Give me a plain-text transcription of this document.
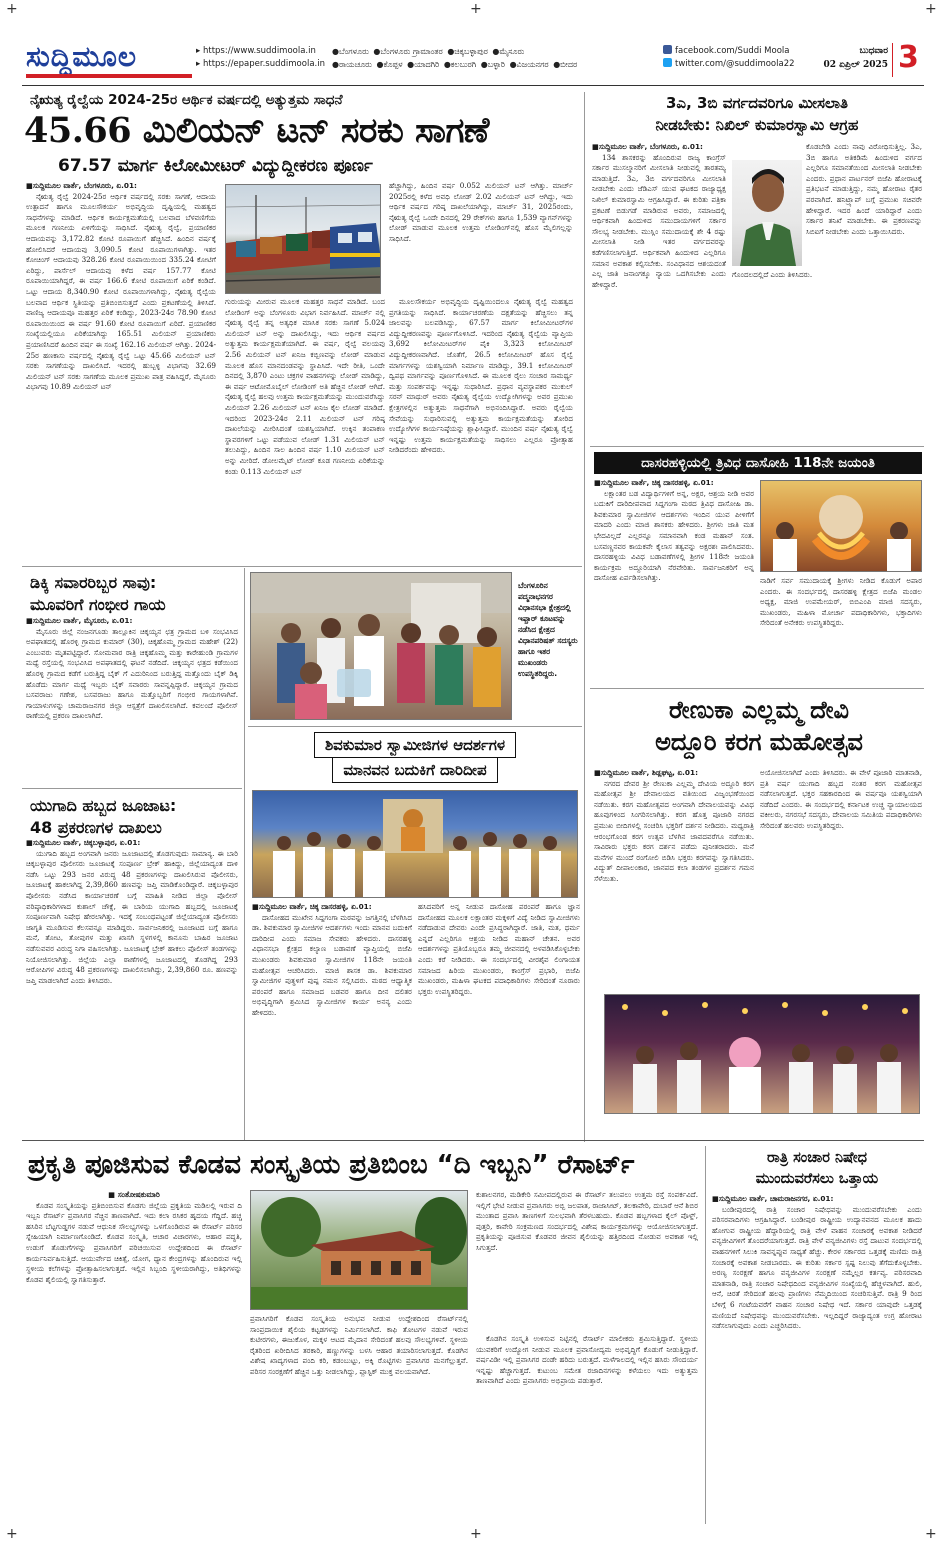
+	+	+
+	+	+
ಸುದ್ದಿಮೂಲ	▸ https://www.suddimoola.in
▸ https://epaper.suddimoola.in
●ಬೆಂಗಳೂರು ●ಬೆಂಗಳೂರು ಗ್ರಾಮಾಂತರ ●ಚಿಕ್ಕಬಳ್ಳಾಪುರ ●ಮೈಸೂರು
●ರಾಯಚೂರು ●ಕೊಪ್ಪಳ ●ಯಾದಗಿರಿ ●ಕಲಬುರಗಿ ●ಬಳ್ಳಾರಿ ●ವಿಜಯನಗರ ●ಬೀದರ
facebook.com/Suddi Moola
twitter.com/@suddimoola22
ಬುಧವಾರ
02 ಏಪ್ರಿಲ್ 2025 3
ನೈಋತ್ಯ ರೈಲ್ವೆಯ 2024-25ರ ಆರ್ಥಿಕ ವರ್ಷದಲ್ಲಿ ಅತ್ಯುತ್ತಮ ಸಾಧನೆ
45.66 ಮಿಲಿಯನ್ ಟನ್ ಸರಕು ಸಾಗಣೆ
67.57 ಮಾರ್ಗ ಕಿಲೋಮೀಟರ್ ವಿದ್ಯುದ್ದೀಕರಣ ಪೂರ್ಣ
■ಸುದ್ದಿಮೂಲ ವಾರ್ತೆ, ಬೆಂಗಳೂರು, ಏ.01:

ನೈಋತ್ಯ ರೈಲ್ವೆ 2024-25ರ ಆರ್ಥಿಕ ವರ್ಷದಲ್ಲಿ ಸರಕು ಸಾಗಣೆ, ಆದಾಯ ಉತ್ಪಾದನೆ ಹಾಗೂ ಮೂಲಸೌಕರ್ಯ ಅಭಿವೃದ್ಧಿಯ ದೃಷ್ಟಿಯಲ್ಲಿ ಮಹತ್ವದ ಸಾಧನೆಗಳನ್ನು ಮಾಡಿದೆ. ಆರ್ಥಿಕ ಕಾರ್ಯಕ್ಷಮತೆಯಲ್ಲಿ ಬಲವಾದ ಬೆಳವಣಿಗೆಯ ಮೂಲಕ ಗಣನೀಯ ಏಳಿಗೆಯನ್ನು ಸಾಧಿಸಿದೆ. ನೈಋತ್ಯ ರೈಲ್ವೆ, ಪ್ರಯಾಣಿಕರ ಆದಾಯವನ್ನು 3,172.82 ಕೋಟಿ ರೂಪಾಯಿಗೆ ಹೆಚ್ಚಿಸಿದೆ. ಹಿಂದಿನ ವರ್ಷಕ್ಕೆ ಹೋಲಿಸಿದರೆ ಆದಾಯವು 3,090.5 ಕೋಟಿ ರೂಪಾಯಿಗಳಾಗಿತ್ತು. ಇತರ ಕೋಚಿಂಗ್ ಆದಾಯವು 328.26 ಕೋಟಿ ರೂಪಾಯಿಯಿಂದ 335.24 ಕೋಟಿಗೆ ಏರಿದ್ದು, ಪಾರ್ಸೆಲ್ ಆದಾಯವು ಕಳೆದ ವರ್ಷ 157.77 ಕೋಟಿ ರೂಪಾಯಿಯಾಗಿದ್ದರೆ, ಈ ವರ್ಷ 166.6 ಕೋಟಿ ರೂಪಾಯಿಗೆ ಏರಿಕೆ ಕಂಡಿದೆ. ಒಟ್ಟು ಆದಾಯ 8,340.90 ಕೋಟಿ ರೂಪಾಯಿಗಳಾಗಿದ್ದು, ನೈಋತ್ಯ ರೈಲ್ವೆಯ ಬಲವಾದ ಆರ್ಥಿಕ ಸ್ಥಿತಿಯನ್ನು ಪ್ರತಿಬಿಂಬಿಸುತ್ತದೆ ಎಂದು ಪ್ರಕಟಣೆಯಲ್ಲಿ ತಿಳಿಸಿದೆ. ವಾಣಿಜ್ಯ ಆದಾಯವೂ ಮಹತ್ತರ ಏರಿಕೆ ಕಂಡಿದ್ದು, 2023-24ರ 78.90 ಕೋಟಿ ರೂಪಾಯಿಯಿಂದ ಈ ವರ್ಷ 91.60 ಕೋಟಿ ರೂಪಾಯಿಗೆ ಏರಿದೆ. ಪ್ರಯಾಣಿಕರ ಸಂಖ್ಯೆಯಲ್ಲಿಯೂ ಏರಿಕೆಯಾಗಿದ್ದು 165.51 ಮಿಲಿಯನ್ ಪ್ರಯಾಣಿಕರು ಪ್ರಯಾಣಿಸಿದರೆ ಹಿಂದಿನ ವರ್ಷ ಈ ಸಂಖ್ಯೆ 162.16 ಮಿಲಿಯನ್ ಆಗಿತ್ತು. 2024-25ರ ಹಣಕಾಸು ವರ್ಷದಲ್ಲಿ ನೈಋತ್ಯ ರೈಲ್ವೆ ಒಟ್ಟು 45.66 ಮಿಲಿಯನ್ ಟನ್ ಸರಕು ಸಾಗಣೆಯನ್ನು ದಾಖಲಿಸಿದೆ. ಇದರಲ್ಲಿ ಹುಬ್ಬಳ್ಳಿ ವಿಭಾಗವು 32.69 ಮಿಲಿಯನ್ ಟನ್ ಸರಕು ಸಾಗಣೆಯ ಮೂಲಕ ಪ್ರಮುಖ ಪಾತ್ರ ವಹಿಸಿದ್ದರೆ, ಮೈಸೂರು ವಿಭಾಗವು 10.89 ಮಿಲಿಯನ್ ಟನ್

ಹೆಚ್ಚಾಗಿದ್ದು, ಹಿಂದಿನ ವರ್ಷ 0.052 ಮಿಲಿಯನ್ ಟನ್ ಆಗಿತ್ತು. ಮಾರ್ಚ್ 2025ರಲ್ಲಿ ಕಳೆದ ಅವಧಿ ಲೋಡ್ 2.02 ಮಿಲಿಯನ್ ಟನ್ ಆಗಿದ್ದು, ಇದು ಆರ್ಥಿಕ ವರ್ಷದ ಗರಿಷ್ಠ ದಾಖಲೆಯಾಗಿದ್ದು, ಮಾರ್ಚ್ 31, 2025ರಂದು, ನೈಋತ್ಯ ರೈಲ್ವೆ ಒಂದೇ ದಿನದಲ್ಲಿ 29 ರೇಕ್‌ಗಳು ಹಾಗೂ 1,539 ವ್ಯಾಗನ್‌ಗಳನ್ನು ಲೋಡ್ ಮಾಡುವ ಮೂಲಕ ಉತ್ತಮ ಲೋಡಿಂಗ್‌ನಲ್ಲಿ ಹೊಸ ಮೈಲಿಗಲ್ಲನ್ನು ಸಾಧಿಸಿದೆ.

ಗುರುಯನ್ನು ಮೀರುವ ಮೂಲಕ ಮಹತ್ತರ ಸಾಧನೆ ಮಾಡಿದೆ. ಬಂದ ಲೋಡಿಂಗ್ ಅನ್ನು ಬೆಂಗಳೂರು ವಿಭಾಗ ನಿರ್ವಹಿಸಿದೆ. ಮಾರ್ಚ್ ನಲ್ಲಿ ನೈಋತ್ಯ ರೈಲ್ವೆ ತನ್ನ ಅತ್ಯಧಿಕ ಮಾಸಿಕ ಸರಕು ಸಾಗಣೆ 5.024 ಮಿಲಿಯನ್ ಟನ್ ಅನ್ನು ದಾಖಲಿಸಿದ್ದು, ಇದು ಆರ್ಥಿಕ ವರ್ಷದ ಅತ್ಯುತ್ತಮ ಕಾರ್ಯಕ್ಷಮತೆಯಾಗಿದೆ. ಈ ವರ್ಷ, ರೈಲ್ವೆ ವಲಯವು 2.56 ಮಿಲಿಯನ್ ಟನ್ ಖನಿಜ ಕಬ್ಬಿಣವನ್ನು ಲೋಡ್ ಮಾಡುವ ಮೂಲಕ ಹೊಸ ಮಾನದಂಡವನ್ನು ಸ್ಥಾಪಿಸಿದೆ. ಇದೇ ರೀತಿ, ಒಂದೇ ದಿನದಲ್ಲಿ 3,870 ಎಂಟು ಚಕ್ರಗಳ ವಾಹನಗಳನ್ನು ಲೋಡ್ ಮಾಡಿದ್ದು, ಈ ವರ್ಷ ಆಟೋಮೊಬೈಲ್ ಲೋಡಿಂಗ್ ಅತಿ ಹೆಚ್ಚಿನ ಲೋಡ್ ಆಗಿದೆ. ನೈಋತ್ಯ ರೈಲ್ವೆ ಹಲವು ಉತ್ತಮ ಕಾರ್ಯಕ್ಷಮತೆಯನ್ನು ಮುಂದುವರೆಸಿದ್ದು ಮಿಲಿಯನ್ 2.26 ಮಿಲಿಯನ್ ಟನ್ ಖನಿಜ ಕೈಲ ಲೋಡ್ ಮಾಡಿದೆ. ಇದರಿಂದ 2023-24ರ 2.11 ಮಿಲಿಯನ್ ಟನ್ ಗರಿಷ್ಠ ದಾಖಲೆಯನ್ನು ಮೀರಿಸಿದಂತೆ ಯಶಸ್ವಿಯಾಗಿದೆ. ಉಕ್ಕಿನ ತಂಪಾಕಣ ಸ್ಥಾವರಗಳಿಗೆ ಒಟ್ಟು ಪಡೆಯುವ ಲೋಡ್ 1.31 ಮಿಲಿಯನ್ ಟನ್ ತಲುಪಿದ್ದು, ಹಿಂದಿನ ಸಾಲ ಹಿಂದಿನ ವರ್ಷ 1.10 ಮಿಲಿಯನ್ ಟನ್ ಅನ್ನು ಮೀರಿದೆ. ಡೋಲಮೈಟ್ ಲೋಡ್ ಕೂಡ ಗಣನೀಯ ಏರಿಕೆಯನ್ನು ಕಂಡು 0.113 ಮಿಲಿಯನ್ ಟನ್

ಮೂಲಸೌಕರ್ಯ ಅಭಿವೃದ್ಧಿಯ ದೃಷ್ಟಿಯಿಂದಲೂ ನೈಋತ್ಯ ರೈಲ್ವೆ ಮಹತ್ವದ ಪ್ರಗತಿಯನ್ನು ಸಾಧಿಸಿದೆ. ಕಾರ್ಯಾಚರಣೆಯ ದಕ್ಷತೆಯನ್ನು ಹೆಚ್ಚಿಸಲು ತನ್ನ ಜಾಲವನ್ನು ಬಲಪಡಿಸಿದ್ದು, 67.57 ಮಾರ್ಗ ಕಿಲೋಮೀಟರ್‌ಗಳ ವಿದ್ಯುದ್ದೀಕರಣವನ್ನು ಪೂರ್ಣಗೊಳಿಸಿದೆ. ಇದರಿಂದ ನೈಋತ್ಯ ರೈಲ್ವೆಯ ವ್ಯಾಪ್ತಿಯ 3,692 ಕಿಲೋಮೀಟರ್‌ಗಳ ಪೈಕಿ 3,323 ಕಿಲೋಮೀಟರ್ ವಿದ್ಯುದ್ದೀಕರಣವಾಗಿದೆ. ಜೊತೆಗೆ, 26.5 ಕಿಲೋಮೀಟರ್ ಹೊಸ ರೈಲ್ವೆ ಮಾರ್ಗಗಳನ್ನು ಯಶಸ್ವಿಯಾಗಿ ನಿರ್ಮಾಣ ಮಾಡಿದ್ದು, 39.1 ಕಿಲೋಮೀಟರ್ ದ್ವಿಪಥ ಮಾರ್ಗವನ್ನು ಪೂರ್ಣಗೊಳಿಸಿದೆ. ಈ ಮೂಲಕ ರೈಲು ಸಂಚಾರ ಸಾಮರ್ಥ್ಯ ಮತ್ತು ಸಂಪರ್ಕವನ್ನು ಇನ್ನಷ್ಟು ಸುಧಾರಿಸಿದೆ. ಪ್ರಧಾನ ವ್ಯವಸ್ಥಾಪಕರ ಮುಕುಲ್ ಸರನ್ ಮಾಥುರ್ ಅವರು ನೈಋತ್ಯ ರೈಲ್ವೆಯ ಉದ್ಯೋಗಿಗಳನ್ನು ಅವರ ಪ್ರಮುಖ ಕ್ಷೇತ್ರಗಳಲ್ಲಿನ ಅತ್ಯುತ್ತಮ ಸಾಧನೆಗಾಗಿ ಅಭಿನಂದಿಸಿದ್ದಾರೆ. ಅವರು ರೈಲ್ವೆಯ ಸೇವೆಯನ್ನು ಸುಧಾರಿಸುವಲ್ಲಿ ಅತ್ಯುತ್ತಮ ಕಾರ್ಯಕ್ಷಮತೆಯನ್ನು ತೋರಿದ ಉದ್ಯೋಗಿಗಳ ಕಾರ್ಯನಿಷ್ಠೆಯನ್ನು ಶ್ಲಾಘಿಸಿದ್ದಾರೆ. ಮುಂದಿನ ವರ್ಷ ನೈಋತ್ಯ ರೈಲ್ವೆ ಇನ್ನಷ್ಟು ಉತ್ತಮ ಕಾರ್ಯಕ್ಷಮತೆಯನ್ನು ಸಾಧಿಸಲು ಎಲ್ಲರೂ ಪ್ರೋತ್ಸಾಹ ನೀಡಿದರೆಂದು ಹೇಳಿದರು.

ಡಿಕ್ಕಿ ಸವಾರರಿಬ್ಬರ ಸಾವು:
ಮೂವರಿಗೆ ಗಂಭೀರ ಗಾಯ
■ಸುದ್ದಿಮೂಲ ವಾರ್ತೆ, ಮೈಸೂರು, ಏ.01:

ಮೈಸೂರು ಜಿಲ್ಲೆ ನಂಜನಗೂಡು ತಾಲ್ಲೂಕಿನ ಚಿಕ್ಕಯ್ಯನ ಛತ್ರ ಗ್ರಾಮದ ಬಳಿ ಸಂಭವಿಸಿದ ಅಪಘಾತದಲ್ಲಿ ಹೊರಳ್ಳಿ ಗ್ರಾಮದ ಕುಮಾರ್ (30), ಚಿಕ್ಕಹೊಮ್ಮ ಗ್ರಾಮದ ಮಹೇಶ್ (22) ಎಂಬುವರು ಮೃತಪಟ್ಟಿದ್ದಾರೆ. ಸೋಮವಾರ ರಾತ್ರಿ ಚಿಕ್ಕಹೊಮ್ಮ ಮತ್ತು ಕಾರೇಹುಂಡಿ ಗ್ರಾಮಗಳ ಮಧ್ಯೆ ರಸ್ತೆಯಲ್ಲಿ ಸಂಭವಿಸಿದ ಅಪಘಾತದಲ್ಲಿ ಘಟನೆ ನಡೆದಿದೆ. ಚಿಕ್ಕಯ್ಯನ ಛತ್ರದ ಕಡೆಯಿಂದ ಹೊರಳ್ಳಿ ಗ್ರಾಮದ ಕಡೆಗೆ ಬರುತ್ತಿದ್ದ ಬೈಕ್ ಗೆ ಎದುರಿನಿಂದ ಬರುತ್ತಿದ್ದ ಮತ್ತೊಂದು ಬೈಕ್ ಡಿಕ್ಕಿ ಹೊಡೆದು ಮಾರ್ಗ ಮಧ್ಯೆ ಇಬ್ಬರು ಬೈಕ್ ಸವಾರರು ಸಾವನ್ನಪ್ಪಿದ್ದಾರೆ. ಚಿಕ್ಕಯ್ಯನ ಗ್ರಾಮದ ಬಸವರಾಜು ಗಣೇಶ, ಬಸವರಾಜು ಹಾಗೂ ಮತ್ತೊಬ್ಬರಿಗೆ ಗಂಭೀರ ಗಾಯಗಳಾಗಿವೆ. ಗಾಯಾಳುಗಳನ್ನು ಚಾಮರಾಜನಗರ ಜಿಲ್ಲಾ ಆಸ್ಪತ್ರೆಗೆ ದಾಖಲಿಸಲಾಗಿದೆ. ಕವಲಂದೆ ಪೊಲೀಸ್ ಠಾಣೆಯಲ್ಲಿ ಪ್ರಕರಣ ದಾಖಲಾಗಿದೆ.

ಯುಗಾದಿ ಹಬ್ಬದ ಜೂಜಾಟ:
48 ಪ್ರಕರಣಗಳ ದಾಖಲು
■ಸುದ್ದಿಮೂಲ ವಾರ್ತೆ, ಚಿಕ್ಕಬಳ್ಳಾಪುರ, ಏ.01:

ಯುಗಾದಿ ಹಬ್ಬದ ಅಂಗವಾಗಿ ಜನರು ಜೂಜಾಟದಲ್ಲಿ ತೊಡಗುವುದು ಸಾಮಾನ್ಯ. ಈ ಬಾರಿ ಚಿಕ್ಕಬಳ್ಳಾಪುರ ಪೊಲೀಸರು ಜೂಜಾಟಕ್ಕೆ ಸಂಪೂರ್ಣ ಬ್ರೇಕ್ ಹಾಕಿದ್ದು, ಜಿಲ್ಲೆಯಾದ್ಯಂತ ದಾಳಿ ನಡೆಸಿ ಒಟ್ಟು 293 ಜನರ ವಿರುದ್ಧ 48 ಪ್ರಕರಣಗಳನ್ನು ದಾಖಲಿಸಿರುವ ಪೊಲೀಸರು, ಜೂಜಾಟಕ್ಕೆ ಹಾಕಲಾಗಿದ್ದ 2,39,860 ಹಣವನ್ನು ಜಪ್ತಿ ಮಾಡಿಕೊಂಡಿದ್ದಾರೆ. ಚಿಕ್ಕಬಳ್ಳಾಪುರ ಪೊಲೀಸರು ನಡೆಸಿದ ಕಾರ್ಯಾಚರಣೆ ಬಗ್ಗೆ ಮಾಹಿತಿ ನೀಡಿದ ಜಿಲ್ಲಾ ಪೊಲೀಸ್ ವರಿಷ್ಠಾಧಿಕಾರಿಗಳಾದ ಕುಶಾಲ್ ಚೌಕ್ಸೆ, ಈ ಬಾರಿಯ ಯುಗಾದಿ ಹಬ್ಬದಲ್ಲಿ ಜೂಜಾಟಕ್ಕೆ ಸಂಪೂರ್ಣವಾಗಿ ನಿಷೇಧ ಹೇರಲಾಗಿತ್ತು. ಇದಕ್ಕೆ ಸಂಬಂಧಪಟ್ಟಂತೆ ಜಿಲ್ಲೆಯಾದ್ಯಂತ ಪೊಲೀಸರು ಜಾಗೃತಿ ಮೂಡಿಸುವ ಕೆಲಸವನ್ನೂ ಮಾಡಿದ್ದರು. ಸಾರ್ವಜನಿಕರಲ್ಲಿ ಜೂಜಾಟದ ಬಗ್ಗೆ ಹಾಗೂ ಮನೆ, ತೋಟ, ತೋಪುಗಳ ಮತ್ತು ಖಾಸಗಿ ಸ್ಥಳಗಳಲ್ಲಿ ಕಾನೂನು ಬಾಹಿರ ಜೂಜಾಟ ನಡೆಸುವವರ ವಿರುದ್ಧ ನಿಗಾ ವಹಿಸಲಾಗಿತ್ತು. ಜೂಜಾಟಕ್ಕೆ ಬ್ರೇಕ್ ಹಾಕಲು ಪೊಲೀಸ್ ತಂಡಗಳನ್ನು ನಿಯೋಜಿಸಲಾಗಿತ್ತು. ಜಿಲ್ಲೆಯ ಎಲ್ಲಾ ಠಾಣೆಗಳಲ್ಲಿ ಜೂಜಾಟದಲ್ಲಿ ತೊಡಗಿದ್ದ 293 ಆರೋಪಿಗಳ ವಿರುದ್ಧ 48 ಪ್ರಕರಣಗಳನ್ನು ದಾಖಲಿಸಲಾಗಿದ್ದು, 2,39,860 ರೂ. ಹಣವನ್ನು ಜಪ್ತಿ ಮಾಡಲಾಗಿದೆ ಎಂದು ತಿಳಿಸಿದರು.

ಬೆಂಗಳೂರಿನ ಪದ್ಮನಾಭನಗರ ವಿಧಾನಸಭಾ ಕ್ಷೇತ್ರದಲ್ಲಿ ಇಫ್ತಾರ್ ಕೂಟವನ್ನು ನಡೆಸಿದ ಕ್ಷೇತ್ರದ ವಿಧಾನಪರಿಷತ್ ಸದಸ್ಯರು ಹಾಗೂ ಇತರ ಮುಖಂಡರು ಉಪಸ್ಥಿತರಿದ್ದರು.
ಶಿವಕುಮಾರ ಸ್ವಾಮೀಜಿಗಳ ಆದರ್ಶಗಳ ಮಾನವನ ಬದುಕಿಗೆ ದಾರಿದೀಪ
■ಸುದ್ದಿಮೂಲ ವಾರ್ತೆ, ಚಿಕ್ಕ ದಾಸರಹಳ್ಳಿ, ಏ.01:

ದಾಸೋಹದ ಮುಖೇನ ಸಿದ್ದಗಂಗಾ ಮಠವನ್ನು ಜಗತ್ತಿನಲ್ಲಿ ಬೆಳಗಿಸಿದ ಡಾ. ಶಿವಕುಮಾರ ಸ್ವಾಮೀಜಿಗಳ ಆದರ್ಶಗಳು ಇಂದು ಮಾನವ ಬದುಕಿಗೆ ದಾರಿದೀಪ ಎಂದು ಸಮಾಜ ಸೇವಕರು ಹೇಳಿದರು. ದಾಸರಹಳ್ಳಿ ವಿಧಾನಸಭಾ ಕ್ಷೇತ್ರದ ಕಲ್ಯಾಣ ಬಡಾವಣೆ ವ್ಯಾಪ್ತಿಯಲ್ಲಿ ಬಿಜೆಪಿ ಮುಖಂಡರು ಶಿವಕುಮಾರ ಸ್ವಾಮೀಜಿಗಳ 118ನೇ ಜಯಂತಿ ಮಹೋತ್ಸವ ಆಚರಿಸಿದರು. ಮಾಜಿ ಶಾಸಕ ಡಾ. ಶಿವಕುಮಾರ ಸ್ವಾಮೀಜಿಗಳ ಪುತ್ಥಳಿಗೆ ಪುಷ್ಪ ನಮನ ಸಲ್ಲಿಸಿದರು. ಮಠದ ಆಧ್ಯಾತ್ಮಿಕ ಪರಂಪರೆ ಹಾಗೂ ಸಮಾಜದ ಬಡವರ ಹಾಗೂ ದೀನ ದಲಿತರ ಅಭಿವೃದ್ಧಿಗಾಗಿ ಶ್ರಮಿಸಿದ ಸ್ವಾಮೀಜಿಗಳ ಕಾರ್ಯ ಅನನ್ಯ ಎಂದು ಹೇಳಿದರು.

ಹಸಿದವರಿಗೆ ಅನ್ನ ನೀಡುವ ದಾಸೋಹ ಪರಂಪರೆ ಹಾಗೂ ಜ್ಞಾನ ದಾಸೋಹದ ಮೂಲಕ ಲಕ್ಷಾಂತರ ಮಕ್ಕಳಿಗೆ ವಿದ್ಯೆ ನೀಡಿದ ಸ್ವಾಮೀಜಿಗಳು ನಡೆದಾಡುವ ದೇವರು ಎಂದೇ ಪ್ರಸಿದ್ಧರಾಗಿದ್ದಾರೆ. ಜಾತಿ, ಮತ, ಧರ್ಮ ಎನ್ನದೆ ಎಲ್ಲರಿಗೂ ಆಶ್ರಯ ನೀಡಿದ ಮಹಾನ್ ಚೇತನ. ಅವರ ಆದರ್ಶಗಳನ್ನು ಪ್ರತಿಯೊಬ್ಬರೂ ತಮ್ಮ ಜೀವನದಲ್ಲಿ ಅಳವಡಿಸಿಕೊಳ್ಳಬೇಕು ಎಂದು ಕರೆ ನೀಡಿದರು. ಈ ಸಂದರ್ಭದಲ್ಲಿ ವೀರಶೈವ ಲಿಂಗಾಯತ ಸಮಾಜದ ಹಿರಿಯ ಮುಖಂಡರು, ಕಾಂಗ್ರೆಸ್ ಪ್ರಭಾರಿ, ಬಿಜೆಪಿ ಮುಖಂಡರು, ಮಹಿಳಾ ಘಟಕದ ಪದಾಧಿಕಾರಿಗಳು ಸೇರಿದಂತೆ ನೂರಾರು ಭಕ್ತರು ಉಪಸ್ಥಿತರಿದ್ದರು.

3ಎ, 3ಬಿ ವರ್ಗದವರಿಗೂ ಮೀಸಲಾತಿ
ನೀಡಬೇಕು: ನಿಖಿಲ್ ಕುಮಾರಸ್ವಾಮಿ ಆಗ್ರಹ
■ಸುದ್ದಿಮೂಲ ವಾರ್ತೆ, ಬೆಂಗಳೂರು, ಏ.01:

134 ಶಾಸಕರನ್ನು ಹೊಂದಿರುವ ರಾಜ್ಯ ಕಾಂಗ್ರೆಸ್ ಸರ್ಕಾರ ಮುಸಲ್ಮಾನರಿಗೆ ಮೀಸಲಾತಿ ನೀಡುವಲ್ಲಿ ತಾರತಮ್ಯ ಮಾಡುತ್ತಿದೆ. 3ಎ, 3ಬಿ ವರ್ಗದವರಿಗೂ ಮೀಸಲಾತಿ ನೀಡಬೇಕು ಎಂದು ಜೆಡಿಎಸ್ ಯುವ ಘಟಕದ ರಾಜ್ಯಾಧ್ಯಕ್ಷ ನಿಖಿಲ್ ಕುಮಾರಸ್ವಾಮಿ ಆಗ್ರಹಿಸಿದ್ದಾರೆ. ಈ ಕುರಿತು ಪತ್ರಿಕಾ ಪ್ರಕಟಣೆ ಬಿಡುಗಡೆ ಮಾಡಿರುವ ಅವರು, ಸಮಾಜದಲ್ಲಿ ಆರ್ಥಿಕವಾಗಿ ಹಿಂದುಳಿದ ಸಮುದಾಯಗಳಿಗೆ ಸರ್ಕಾರ ಸೌಲಭ್ಯ ನೀಡಬೇಕು. ಮುಸ್ಲಿಂ ಸಮುದಾಯಕ್ಕೆ ಶೇ 4 ರಷ್ಟು ಮೀಸಲಾತಿ ನೀಡಿ ಇತರ ವರ್ಗದವರನ್ನು ಕಡೆಗಣಿಸಲಾಗುತ್ತಿದೆ. ಆರ್ಥಿಕವಾಗಿ ಹಿಂದುಳಿದ ಎಲ್ಲರಿಗೂ ಸಮಾನ ಅವಕಾಶ ಕಲ್ಪಿಸಬೇಕು. ಸಂವಿಧಾನದ ಆಶಯದಂತೆ ಎಲ್ಲ ಜಾತಿ ಜನಾಂಗಕ್ಕೂ ನ್ಯಾಯ ಒದಗಿಸಬೇಕು ಎಂದು ಹೇಳಿದ್ದಾರೆ.

ಕೊಡಬೇಡಿ ಎಂದು ನಾವು ವಿರೋಧಿಸುತ್ತಿಲ್ಲ. 3ಎ, 3ಬಿ ಹಾಗೂ ಅತಿಕಡಿಮೆ ಹಿಂದುಳಿದ ವರ್ಗದ ಎಲ್ಲರಿಗೂ ಸಮಾನತೆಯಿಂದ ಮೀಸಲಾತಿ ನೀಡಬೇಕು ಎಂದರು. ಪ್ರಧಾನ ಪಾರ್ಟನರ್ ಬಿಜೆಪಿ ಹೋರಾಟಕ್ಕೆ ಪ್ರತಿಭಟನೆ ಮಾಡುತ್ತಿದ್ದು, ನಮ್ಮ ಹೋರಾಟ ರೈತರ ಪರವಾಗಿದೆ. ಹನಿಟ್ರ್ಯಾಪ್ ಬಗ್ಗೆ ಪ್ರಮುಖ ಸಚಿವರೇ ಹೇಳಿದ್ದಾರೆ. ಇದರ ಹಿಂದೆ ಯಾರಿದ್ದಾರೆ ಎಂದು ಸರ್ಕಾರ ತನಿಖೆ ಮಾಡಬೇಕು. ಈ ಪ್ರಕರಣವನ್ನು ಸಿಬಿಐಗೆ ನೀಡಬೇಕು ಎಂದು ಒತ್ತಾಯಿಸಿದರು.

ಗೊಂದಲದಲ್ಲಿದೆ ಎಂದು ತಿಳಿಸಿದರು.

ದಾಸರಹಳ್ಳಿಯಲ್ಲಿ ತ್ರಿವಿಧ ದಾಸೋಹಿ 118ನೇ ಜಯಂತಿ
■ಸುದ್ದಿಮೂಲ ವಾರ್ತೆ, ಚಿಕ್ಕ ದಾಸರಹಳ್ಳಿ, ಏ.01:

ಲಕ್ಷಾಂತರ ಬಡ ವಿದ್ಯಾರ್ಥಿಗಳಿಗೆ ಅನ್ನ, ಅಕ್ಷರ, ಆಶ್ರಯ ನೀಡಿ ಅವರ ಬದುಕಿಗೆ ದಾರಿದೀಪವಾದ ಸಿದ್ದಗಂಗಾ ಮಠದ ತ್ರಿವಿಧ ದಾಸೋಹಿ ಡಾ. ಶಿವಕುಮಾರ ಸ್ವಾಮೀಜಿಗಳ ಆದರ್ಶಗಳು ಇಂದಿನ ಯುವ ಪೀಳಿಗೆಗೆ ಮಾದರಿ ಎಂದು ಮಾಜಿ ಶಾಸಕರು ಹೇಳಿದರು. ಶ್ರೀಗಳು ಜಾತಿ ಮತ ಭೇದವಿಲ್ಲದೆ ಎಲ್ಲರನ್ನೂ ಸಮಾನವಾಗಿ ಕಂಡ ಮಹಾನ್ ಸಂತ. ಬಸವಣ್ಣನವರ ಕಾಯಕವೇ ಕೈಲಾಸ ತತ್ವವನ್ನು ಅಕ್ಷರಶಃ ಪಾಲಿಸಿದವರು. ದಾಸರಹಳ್ಳಿಯ ವಿವಿಧ ಬಡಾವಣೆಗಳಲ್ಲಿ ಶ್ರೀಗಳ 118ನೇ ಜಯಂತಿ ಕಾರ್ಯಕ್ರಮ ಅದ್ದೂರಿಯಾಗಿ ನೆರವೇರಿತು. ಸಾರ್ವಜನಿಕರಿಗೆ ಅನ್ನ ದಾಸೋಹ ಏರ್ಪಡಿಸಲಾಗಿತ್ತು.	ನಾಡಿಗೆ ಸರ್ವ ಸಮುದಾಯಕ್ಕೆ ಶ್ರೀಗಳು ನೀಡಿದ ಕೊಡುಗೆ ಅಪಾರ ಎಂದರು. ಈ ಸಂದರ್ಭದಲ್ಲಿ ದಾಸರಹಳ್ಳಿ ಕ್ಷೇತ್ರದ ಬಿಜೆಪಿ ಮಂಡಲ ಅಧ್ಯಕ್ಷ, ಮಾಜಿ ಉಪಮೇಯರ್, ಬಿಬಿಎಂಪಿ ಮಾಜಿ ಸದಸ್ಯರು, ಮುಖಂಡರು, ಮಹಿಳಾ ಮೋರ್ಚಾ ಪದಾಧಿಕಾರಿಗಳು, ಭಕ್ತಾದಿಗಳು ಸೇರಿದಂತೆ ಅನೇಕರು ಉಪಸ್ಥಿತರಿದ್ದರು.

ರೇಣುಕಾ ಎಲ್ಲಮ್ಮ ದೇವಿ
ಅದ್ದೂರಿ ಕರಗ ಮಹೋತ್ಸವ
■ಸುದ್ದಿಮೂಲ ವಾರ್ತೆ, ಶಿಡ್ಲಘಟ್ಟ, ಏ.01:

ನಗರದ ದೇವರ ಶ್ರೀ ರೇಣುಕಾ ಎಲ್ಲಮ್ಮ ದೇವಿಯ ಅದ್ದೂರಿ ಕರಗ ಮಹೋತ್ಸವ ಶ್ರೀ ದೇವಾಲಯದ ವತಿಯಿಂದ ವಿಜೃಂಭಣೆಯಿಂದ ನಡೆಯಿತು. ಕರಗ ಮಹೋತ್ಸವದ ಅಂಗವಾಗಿ ದೇವಾಲಯವನ್ನು ವಿವಿಧ ಹೂವುಗಳಿಂದ ಸಿಂಗರಿಸಲಾಗಿತ್ತು. ಕರಗ ಹೊತ್ತ ಪೂಜಾರಿ ನಗರದ ಪ್ರಮುಖ ಬೀದಿಗಳಲ್ಲಿ ಸಂಚರಿಸಿ ಭಕ್ತರಿಗೆ ದರ್ಶನ ನೀಡಿದರು. ಮಧ್ಯರಾತ್ರಿ ಆರಂಭಗೊಂಡ ಕರಗ ಉತ್ಸವ ಬೆಳಗಿನ ಜಾವದವರೆಗೂ ನಡೆಯಿತು. ಸಾವಿರಾರು ಭಕ್ತರು ಕರಗ ದರ್ಶನ ಪಡೆದು ಪುನೀತರಾದರು. ಮನೆ ಮನೆಗಳ ಮುಂದೆ ರಂಗೋಲಿ ಬಿಡಿಸಿ ಭಕ್ತರು ಕರಗವನ್ನು ಸ್ವಾಗತಿಸಿದರು. ವಿದ್ಯುತ್ ದೀಪಾಲಂಕಾರ, ಜಾನಪದ ಕಲಾ ತಂಡಗಳ ಪ್ರದರ್ಶನ ಗಮನ ಸೆಳೆಯಿತು.

ಅಯೋಜಿಸಲಾಗಿದೆ ಎಂದು ತಿಳಿಸಿದರು. ಈ ವೇಳೆ ಪೂಜಾರಿ ಮಾತನಾಡಿ, ಪ್ರತಿ ವರ್ಷ ಯುಗಾದಿ ಹಬ್ಬದ ನಂತರ ಕರಗ ಮಹೋತ್ಸವ ನಡೆಸಲಾಗುತ್ತದೆ. ಭಕ್ತರ ಸಹಕಾರದಿಂದ ಈ ವರ್ಷವೂ ಯಶಸ್ವಿಯಾಗಿ ನಡೆದಿದೆ ಎಂದರು. ಈ ಸಂದರ್ಭದಲ್ಲಿ ಕರ್ನಾಟಕ ಉಚ್ಚ ನ್ಯಾಯಾಲಯದ ವಕೀಲರು, ನಗರಸಭೆ ಸದಸ್ಯರು, ದೇವಾಲಯ ಸಮಿತಿಯ ಪದಾಧಿಕಾರಿಗಳು ಸೇರಿದಂತೆ ಹಲವರು ಉಪಸ್ಥಿತರಿದ್ದರು.

ಪ್ರಕೃತಿ ಪೂಜಿಸುವ ಕೊಡವ ಸಂಸ್ಕೃತಿಯ ಪ್ರತಿಬಿಂಬ “ದಿ ಇಬ್ಬನಿ” ರೆಸಾರ್ಟ್
■ ಸಂತೋಷಕುಮಾರಿ

ಕೊಡವ ಸಂಸ್ಕೃತಿಯನ್ನು ಪ್ರತಿಬಿಂಬಿಸುವ ಕೊಡಗು ಜಿಲ್ಲೆಯ ಪ್ರಕೃತಿಯ ಮಡಿಲಲ್ಲಿ ಇರುವ ದಿ ಇಬ್ಬನಿ ರೆಸಾರ್ಟ್ ಪ್ರವಾಸಿಗರ ನೆಚ್ಚಿನ ತಾಣವಾಗಿದೆ. ಇದು ಕಲಾ ರಸಿಕರ ಹೃದಯ ಗೆದ್ದಿದೆ. ಹಚ್ಚ ಹಸಿರಿನ ಬೆಟ್ಟಗುಡ್ಡಗಳ ನಡುವೆ ಆಧುನಿಕ ಸೌಲಭ್ಯಗಳನ್ನು ಒಳಗೊಂಡಿರುವ ಈ ರೆಸಾರ್ಟ್ ಪರಿಸರ ಸ್ನೇಹಿಯಾಗಿ ನಿರ್ಮಾಣಗೊಂಡಿದೆ. ಕೊಡವ ಸಂಸ್ಕೃತಿ, ಆಚಾರ ವಿಚಾರಗಳು, ಆಹಾರ ಪದ್ಧತಿ, ಉಡುಗೆ ತೊಡುಗೆಗಳನ್ನು ಪ್ರವಾಸಿಗರಿಗೆ ಪರಿಚಯಿಸುವ ಉದ್ದೇಶದಿಂದ ಈ ರೆಸಾರ್ಟ್ ಕಾರ್ಯನಿರ್ವಹಿಸುತ್ತಿದೆ. ಆಯುರ್ವೇದ ಚಿಕಿತ್ಸೆ, ಯೋಗ, ಧ್ಯಾನ ಕೇಂದ್ರಗಳನ್ನು ಹೊಂದಿರುವ ಇಲ್ಲಿ ಸ್ಥಳೀಯ ಕಲೆಗಳನ್ನು ಪ್ರೋತ್ಸಾಹಿಸಲಾಗುತ್ತದೆ. ಇಲ್ಲಿನ ಸಿಬ್ಬಂದಿ ಸ್ಥಳೀಯರಾಗಿದ್ದು, ಅತಿಥಿಗಳನ್ನು ಕೊಡವ ಶೈಲಿಯಲ್ಲಿ ಸ್ವಾಗತಿಸುತ್ತಾರೆ.

ಪ್ರವಾಸಿಗರಿಗೆ ಕೊಡವ ಸಂಸ್ಕೃತಿಯ ಅನುಭವ ನೀಡುವ ಉದ್ದೇಶದಿಂದ ರೆಸಾರ್ಟ್‌ನಲ್ಲಿ ಸಾಂಪ್ರದಾಯಿಕ ಶೈಲಿಯ ಕಟ್ಟಡಗಳನ್ನು ನಿರ್ಮಿಸಲಾಗಿದೆ. ಕಾಫಿ ತೋಟಗಳ ನಡುವೆ ಇರುವ ಕುಟೀರಗಳು, ಈಜುಕೊಳ, ಮಕ್ಕಳ ಆಟದ ಮೈದಾನ ಸೇರಿದಂತೆ ಹಲವು ಸೌಲಭ್ಯಗಳಿವೆ. ಸ್ಥಳೀಯ ರೈತರಿಂದ ಖರೀದಿಸಿದ ತರಕಾರಿ, ಹಣ್ಣುಗಳನ್ನು ಬಳಸಿ ಆಹಾರ ತಯಾರಿಸಲಾಗುತ್ತದೆ. ಕೊಡಗಿನ ವಿಶೇಷ ಖಾದ್ಯಗಳಾದ ಪಂದಿ ಕರಿ, ಕಡಂಬುಟ್ಟು, ಅಕ್ಕಿ ರೊಟ್ಟಿಗಳು ಪ್ರವಾಸಿಗರ ಮನಗೆಲ್ಲುತ್ತವೆ. ಪರಿಸರ ಸಂರಕ್ಷಣೆಗೆ ಹೆಚ್ಚಿನ ಒತ್ತು ನೀಡಲಾಗಿದ್ದು, ಪ್ಲಾಸ್ಟಿಕ್ ಮುಕ್ತ ವಲಯವಾಗಿದೆ.

ಕುಶಾಲನಗರ, ಮಡಿಕೇರಿ ಸಮೀಪದಲ್ಲಿರುವ ಈ ರೆಸಾರ್ಟ್ ತಲುಪಲು ಉತ್ತಮ ರಸ್ತೆ ಸಂಪರ್ಕವಿದೆ. ಇಲ್ಲಿಗೆ ಭೇಟಿ ನೀಡುವ ಪ್ರವಾಸಿಗರು ಅಬ್ಬಿ ಜಲಪಾತ, ರಾಜಾಸೀಟ್, ತಲಕಾವೇರಿ, ದುಬಾರೆ ಆನೆ ಶಿಬಿರ ಮುಂತಾದ ಪ್ರವಾಸಿ ತಾಣಗಳಿಗೆ ಸುಲಭವಾಗಿ ತೆರಳಬಹುದು. ಕೊಡವ ಹಬ್ಬಗಳಾದ ಕೈಲ್ ಪೊಳ್ದ್, ಪುತ್ತರಿ, ಕಾವೇರಿ ಸಂಕ್ರಮಣದ ಸಂದರ್ಭದಲ್ಲಿ ವಿಶೇಷ ಕಾರ್ಯಕ್ರಮಗಳನ್ನು ಆಯೋಜಿಸಲಾಗುತ್ತದೆ. ಪ್ರಕೃತಿಯನ್ನು ಪೂಜಿಸುವ ಕೊಡವರ ಜೀವನ ಶೈಲಿಯನ್ನು ಹತ್ತಿರದಿಂದ ನೋಡುವ ಅವಕಾಶ ಇಲ್ಲಿ ಸಿಗುತ್ತದೆ.

ಕೊಡಗಿನ ಸಂಸ್ಕೃತಿ ಉಳಿಸುವ ನಿಟ್ಟಿನಲ್ಲಿ ರೆಸಾರ್ಟ್ ಮಾಲೀಕರು ಶ್ರಮಿಸುತ್ತಿದ್ದಾರೆ. ಸ್ಥಳೀಯ ಯುವಕರಿಗೆ ಉದ್ಯೋಗ ನೀಡುವ ಮೂಲಕ ಪ್ರವಾಸೋದ್ಯಮ ಅಭಿವೃದ್ಧಿಗೆ ಕೊಡುಗೆ ನೀಡುತ್ತಿದ್ದಾರೆ. ವರ್ಷವಿಡೀ ಇಲ್ಲಿ ಪ್ರವಾಸಿಗರ ದಂಡೇ ಹರಿದು ಬರುತ್ತದೆ. ಮಳೆಗಾಲದಲ್ಲಿ ಇಲ್ಲಿನ ಹಸಿರು ಸೌಂದರ್ಯ ಇನ್ನಷ್ಟು ಹೆಚ್ಚಾಗುತ್ತದೆ. ಕುಟುಂಬ ಸಮೇತ ರಜಾದಿನಗಳನ್ನು ಕಳೆಯಲು ಇದು ಅತ್ಯುತ್ತಮ ತಾಣವಾಗಿದೆ ಎಂದು ಪ್ರವಾಸಿಗರು ಅಭಿಪ್ರಾಯ ಪಡುತ್ತಾರೆ.

ರಾತ್ರಿ ಸಂಚಾರ ನಿಷೇಧ
ಮುಂದುವರೆಸಲು ಒತ್ತಾಯ
■ಸುದ್ದಿಮೂಲ ವಾರ್ತೆ, ಚಾಮರಾಜನಗರ, ಏ.01:

ಬಂಡೀಪುರದಲ್ಲಿ ರಾತ್ರಿ ಸಂಚಾರ ನಿಷೇಧವನ್ನು ಮುಂದುವರೆಸಬೇಕು ಎಂದು ಪರಿಸರವಾದಿಗಳು ಆಗ್ರಹಿಸಿದ್ದಾರೆ. ಬಂಡೀಪುರ ರಾಷ್ಟ್ರೀಯ ಉದ್ಯಾನವನದ ಮೂಲಕ ಹಾದು ಹೋಗುವ ರಾಷ್ಟ್ರೀಯ ಹೆದ್ದಾರಿಯಲ್ಲಿ ರಾತ್ರಿ ವೇಳೆ ವಾಹನ ಸಂಚಾರಕ್ಕೆ ಅವಕಾಶ ನೀಡಿದರೆ ವನ್ಯಜೀವಿಗಳಿಗೆ ತೊಂದರೆಯಾಗುತ್ತದೆ. ರಾತ್ರಿ ವೇಳೆ ವನ್ಯಜೀವಿಗಳು ರಸ್ತೆ ದಾಟುವ ಸಂದರ್ಭದಲ್ಲಿ ವಾಹನಗಳಿಗೆ ಸಿಲುಕಿ ಸಾವನ್ನಪ್ಪುವ ಸಾಧ್ಯತೆ ಹೆಚ್ಚು. ಕೇರಳ ಸರ್ಕಾರದ ಒತ್ತಡಕ್ಕೆ ಮಣಿದು ರಾತ್ರಿ ಸಂಚಾರಕ್ಕೆ ಅವಕಾಶ ನೀಡಬಾರದು. ಈ ಕುರಿತು ಸರ್ಕಾರ ಸ್ಪಷ್ಟ ನಿಲುವು ತೆಗೆದುಕೊಳ್ಳಬೇಕು. ಅರಣ್ಯ ಸಂರಕ್ಷಣೆ ಹಾಗೂ ವನ್ಯಜೀವಿಗಳ ಸಂರಕ್ಷಣೆ ನಮ್ಮೆಲ್ಲರ ಕರ್ತವ್ಯ. ಪರಿಸರವಾದಿ ಮಾತನಾಡಿ, ರಾತ್ರಿ ಸಂಚಾರ ನಿಷೇಧದಿಂದ ವನ್ಯಜೀವಿಗಳ ಸಂಖ್ಯೆಯಲ್ಲಿ ಹೆಚ್ಚಳವಾಗಿದೆ. ಹುಲಿ, ಆನೆ, ಚಿರತೆ ಸೇರಿದಂತೆ ಹಲವು ಪ್ರಾಣಿಗಳು ನೆಮ್ಮದಿಯಿಂದ ಸಂಚರಿಸುತ್ತಿವೆ. ರಾತ್ರಿ 9 ರಿಂದ ಬೆಳಿಗ್ಗೆ 6 ಗಂಟೆಯವರೆಗೆ ವಾಹನ ಸಂಚಾರ ನಿಷೇಧ ಇದೆ. ಸರ್ಕಾರ ಯಾವುದೇ ಒತ್ತಡಕ್ಕೆ ಮಣಿಯದೆ ನಿಷೇಧವನ್ನು ಮುಂದುವರೆಸಬೇಕು. ಇಲ್ಲದಿದ್ದರೆ ರಾಜ್ಯಾದ್ಯಂತ ಉಗ್ರ ಹೋರಾಟ ನಡೆಸಲಾಗುವುದು ಎಂದು ಎಚ್ಚರಿಸಿದರು.
